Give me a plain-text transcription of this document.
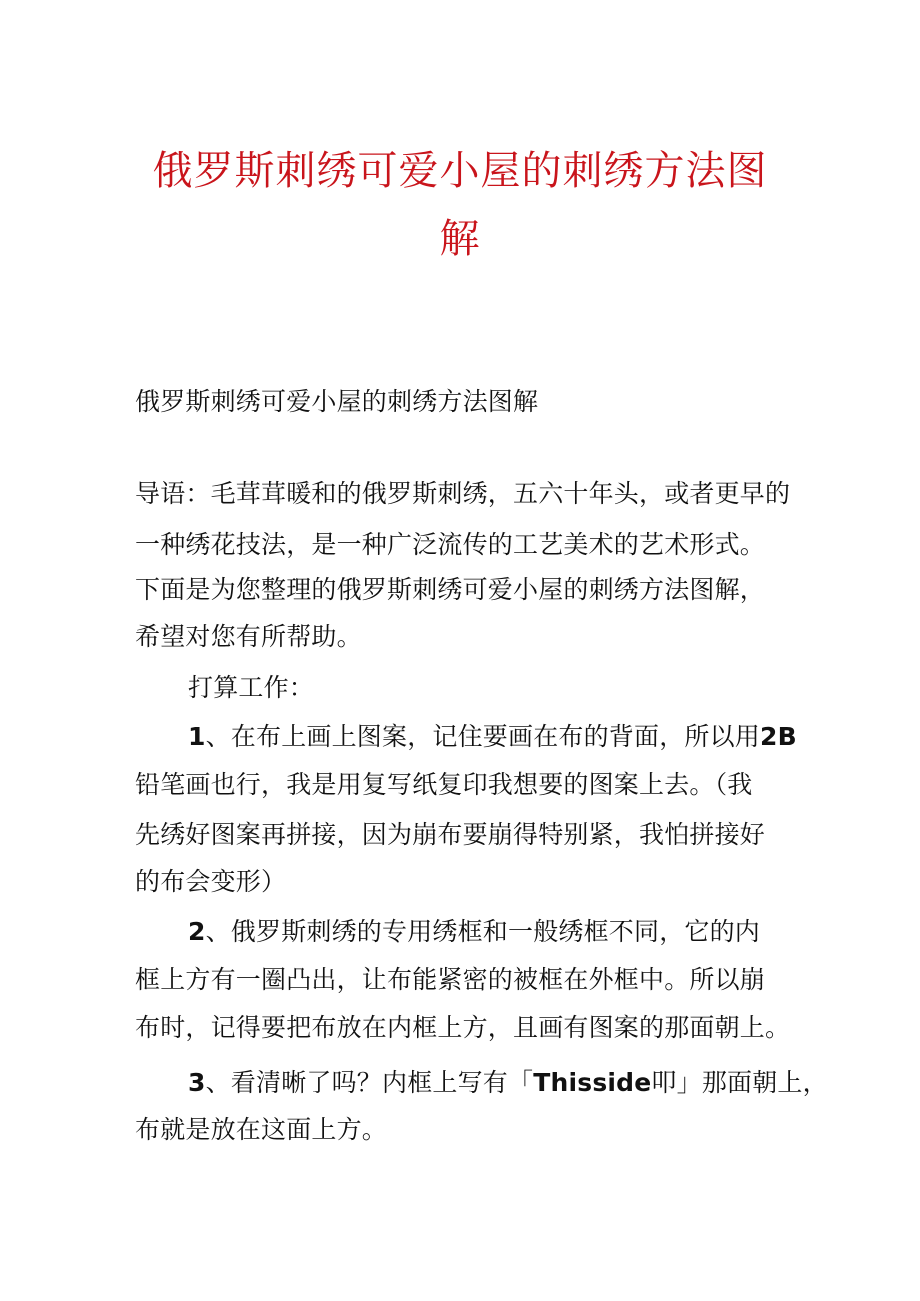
俄罗斯刺绣可爱小屋的刺绣方法图
解
俄罗斯刺绣可爱小屋的刺绣方法图解
导语：毛茸茸暖和的俄罗斯刺绣，五六十年头，或者更早的
一种绣花技法，是一种广泛流传的工艺美术的艺术形式。
下面是为您整理的俄罗斯刺绣可爱小屋的刺绣方法图解，
希望对您有所帮助。
打算工作：
1、在布上画上图案，记住要画在布的背面，所以用2B
铅笔画也行，我是用复写纸复印我想要的图案上去。（我
先绣好图案再拼接，因为崩布要崩得特别紧，我怕拼接好
的布会变形）
2、俄罗斯刺绣的专用绣框和一般绣框不同，它的内
框上方有一圈凸出，让布能紧密的被框在外框中。所以崩
布时，记得要把布放在内框上方，且画有图案的那面朝上。
3、看清晰了吗？内框上写有「Thisside叩」那面朝上，
布就是放在这面上方。
